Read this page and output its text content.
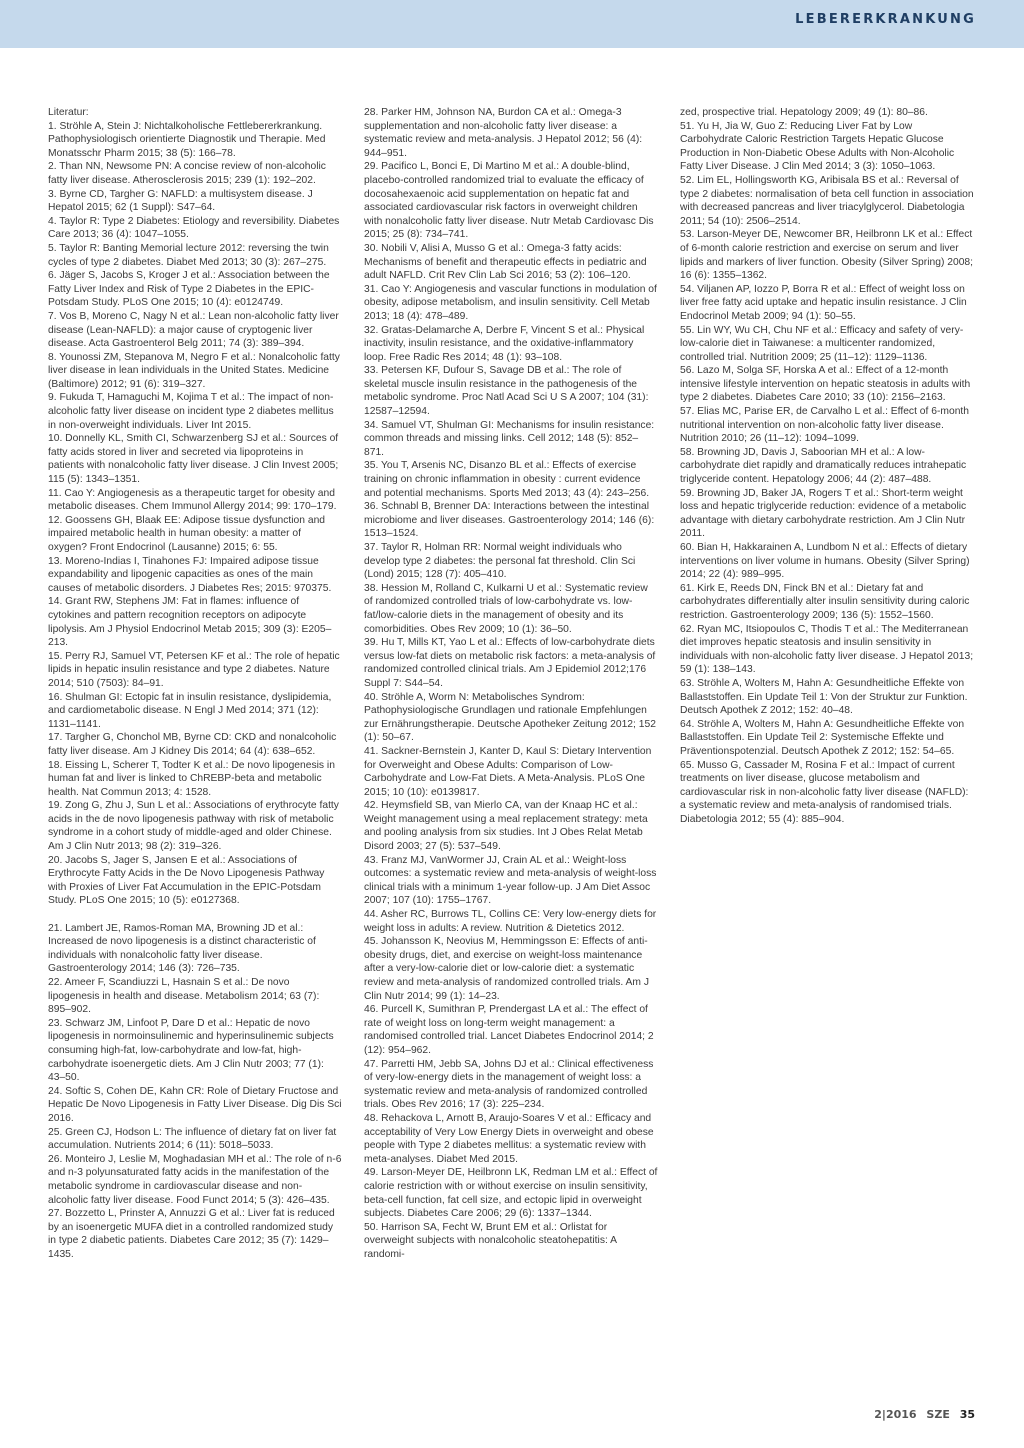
LEBERERKRANKUNG

Literatur:

1. Ströhle A, Stein J: Nichtalkoholische Fettlebererkrankung. Pathophysiologisch orientierte Diagnostik und Therapie. Med Monatsschr Pharm 2015; 38 (5): 166–78.

2. Than NN, Newsome PN: A concise review of non-alcoholic fatty liver disease. Atherosclerosis 2015; 239 (1): 192–202.

3. Byrne CD, Targher G: NAFLD: a multisystem disease. J Hepatol 2015; 62 (1 Suppl): S47–64.

4. Taylor R: Type 2 Diabetes: Etiology and reversibility. Diabetes Care 2013; 36 (4): 1047–1055.

5. Taylor R: Banting Memorial lecture 2012: reversing the twin cycles of type 2 diabetes. Diabet Med 2013; 30 (3): 267–275.

6. Jäger S, Jacobs S, Kroger J et al.: Association between the Fatty Liver Index and Risk of Type 2 Diabetes in the EPIC-Potsdam Study. PLoS One 2015; 10 (4): e0124749.

7. Vos B, Moreno C, Nagy N et al.: Lean non-alcoholic fatty liver disease (Lean-NAFLD): a major cause of cryptogenic liver disease. Acta Gastroenterol Belg 2011; 74 (3): 389–394.

8. Younossi ZM, Stepanova M, Negro F et al.: Nonalcoholic fatty liver disease in lean individuals in the United States. Medicine (Baltimore) 2012; 91 (6): 319–327.

9. Fukuda T, Hamaguchi M, Kojima T et al.: The impact of non-alcoholic fatty liver disease on incident type 2 diabetes mellitus in non-overweight individuals. Liver Int 2015.

10. Donnelly KL, Smith CI, Schwarzenberg SJ et al.: Sources of fatty acids stored in liver and secreted via lipoproteins in patients with nonalcoholic fatty liver disease. J Clin Invest 2005; 115 (5): 1343–1351.

11. Cao Y: Angiogenesis as a therapeutic target for obesity and metabolic diseases. Chem Immunol Allergy 2014; 99: 170–179.

12. Goossens GH, Blaak EE: Adipose tissue dysfunction and impaired metabolic health in human obesity: a matter of oxygen? Front Endocrinol (Lausanne) 2015; 6: 55.

13. Moreno-Indias I, Tinahones FJ: Impaired adipose tissue expandability and lipogenic capacities as ones of the main causes of metabolic disorders. J Diabetes Res; 2015: 970375.

14. Grant RW, Stephens JM: Fat in flames: influence of cytokines and pattern recognition receptors on adipocyte lipolysis. Am J Physiol Endocrinol Metab 2015; 309 (3): E205–213.

15. Perry RJ, Samuel VT, Petersen KF et al.: The role of hepatic lipids in hepatic insulin resistance and type 2 diabetes. Nature 2014; 510 (7503): 84–91.

16. Shulman GI: Ectopic fat in insulin resistance, dyslipidemia, and cardiometabolic disease. N Engl J Med 2014; 371 (12): 1131–1141.

17. Targher G, Chonchol MB, Byrne CD: CKD and nonalcoholic fatty liver disease. Am J Kidney Dis 2014; 64 (4): 638–652.

18. Eissing L, Scherer T, Todter K et al.: De novo lipogenesis in human fat and liver is linked to ChREBP-beta and metabolic health. Nat Commun 2013; 4: 1528.

19. Zong G, Zhu J, Sun L et al.: Associations of erythrocyte fatty acids in the de novo lipogenesis pathway with risk of metabolic syndrome in a cohort study of middle-aged and older Chinese. Am J Clin Nutr 2013; 98 (2): 319–326.

20. Jacobs S, Jager S, Jansen E et al.: Associations of Erythrocyte Fatty Acids in the De Novo Lipogenesis Pathway with Proxies of Liver Fat Accumulation in the EPIC-Potsdam Study. PLoS One 2015; 10 (5): e0127368.

21. Lambert JE, Ramos-Roman MA, Browning JD et al.: Increased de novo lipogenesis is a distinct characteristic of individuals with nonalcoholic fatty liver disease. Gastroenterology 2014; 146 (3): 726–735.

22. Ameer F, Scandiuzzi L, Hasnain S et al.: De novo lipogenesis in health and disease. Metabolism 2014; 63 (7): 895–902.

23. Schwarz JM, Linfoot P, Dare D et al.: Hepatic de novo lipogenesis in normoinsulinemic and hyperinsulinemic subjects consuming high-fat, low-carbohydrate and low-fat, high-carbohydrate isoenergetic diets. Am J Clin Nutr 2003; 77 (1): 43–50.

24. Softic S, Cohen DE, Kahn CR: Role of Dietary Fructose and Hepatic De Novo Lipogenesis in Fatty Liver Disease. Dig Dis Sci 2016.

25. Green CJ, Hodson L: The influence of dietary fat on liver fat accumulation. Nutrients 2014; 6 (11): 5018–5033.

26. Monteiro J, Leslie M, Moghadasian MH et al.: The role of n-6 and n-3 polyunsaturated fatty acids in the manifestation of the metabolic syndrome in cardiovascular disease and non-alcoholic fatty liver disease. Food Funct 2014; 5 (3): 426–435.

27. Bozzetto L, Prinster A, Annuzzi G et al.: Liver fat is reduced by an isoenergetic MUFA diet in a controlled randomized study in type 2 diabetic patients. Diabetes Care 2012; 35 (7): 1429–1435.

28. Parker HM, Johnson NA, Burdon CA et al.: Omega-3 supplementation and non-alcoholic fatty liver disease: a systematic review and meta-analysis. J Hepatol 2012; 56 (4): 944–951.

29. Pacifico L, Bonci E, Di Martino M et al.: A double-blind, placebo-controlled randomized trial to evaluate the efficacy of docosahexaenoic acid supplementation on hepatic fat and associated cardiovascular risk factors in overweight children with nonalcoholic fatty liver disease. Nutr Metab Cardiovasc Dis 2015; 25 (8): 734–741.

30. Nobili V, Alisi A, Musso G et al.: Omega-3 fatty acids: Mechanisms of benefit and therapeutic effects in pediatric and adult NAFLD. Crit Rev Clin Lab Sci 2016; 53 (2): 106–120.

31. Cao Y: Angiogenesis and vascular functions in modulation of obesity, adipose metabolism, and insulin sensitivity. Cell Metab 2013; 18 (4): 478–489.

32. Gratas-Delamarche A, Derbre F, Vincent S et al.: Physical inactivity, insulin resistance, and the oxidative-inflammatory loop. Free Radic Res 2014; 48 (1): 93–108.

33. Petersen KF, Dufour S, Savage DB et al.: The role of skeletal muscle insulin resistance in the pathogenesis of the metabolic syndrome. Proc Natl Acad Sci U S A 2007; 104 (31): 12587–12594.

34. Samuel VT, Shulman GI: Mechanisms for insulin resistance: common threads and missing links. Cell 2012; 148 (5): 852–871.

35. You T, Arsenis NC, Disanzo BL et al.: Effects of exercise training on chronic inflammation in obesity : current evidence and potential mechanisms. Sports Med 2013; 43 (4): 243–256.

36. Schnabl B, Brenner DA: Interactions between the intestinal microbiome and liver diseases. Gastroenterology 2014; 146 (6): 1513–1524.

37. Taylor R, Holman RR: Normal weight individuals who develop type 2 diabetes: the personal fat threshold. Clin Sci (Lond) 2015; 128 (7): 405–410.

38. Hession M, Rolland C, Kulkarni U et al.: Systematic review of randomized controlled trials of low-carbohydrate vs. low-fat/low-calorie diets in the management of obesity and its comorbidities. Obes Rev 2009; 10 (1): 36–50.

39. Hu T, Mills KT, Yao L et al.: Effects of low-carbohydrate diets versus low-fat diets on metabolic risk factors: a meta-analysis of randomized controlled clinical trials. Am J Epidemiol 2012;176 Suppl 7: S44–54.

40. Ströhle A, Worm N: Metabolisches Syndrom: Pathophysiologische Grundlagen und rationale Empfehlungen zur Ernährungstherapie. Deutsche Apotheker Zeitung 2012; 152 (1): 50–67.

41. Sackner-Bernstein J, Kanter D, Kaul S: Dietary Intervention for Overweight and Obese Adults: Comparison of Low-Carbohydrate and Low-Fat Diets. A Meta-Analysis. PLoS One 2015; 10 (10): e0139817.

42. Heymsfield SB, van Mierlo CA, van der Knaap HC et al.: Weight management using a meal replacement strategy: meta and pooling analysis from six studies. Int J Obes Relat Metab Disord 2003; 27 (5): 537–549.

43. Franz MJ, VanWormer JJ, Crain AL et al.: Weight-loss outcomes: a systematic review and meta-analysis of weight-loss clinical trials with a minimum 1-year follow-up. J Am Diet Assoc 2007; 107 (10): 1755–1767.

44. Asher RC, Burrows TL, Collins CE: Very low-energy diets for weight loss in adults: A review. Nutrition & Dietetics 2012.

45. Johansson K, Neovius M, Hemmingsson E: Effects of anti-obesity drugs, diet, and exercise on weight-loss maintenance after a very-low-calorie diet or low-calorie diet: a systematic review and meta-analysis of randomized controlled trials. Am J Clin Nutr 2014; 99 (1): 14–23.

46. Purcell K, Sumithran P, Prendergast LA et al.: The effect of rate of weight loss on long-term weight management: a randomised controlled trial. Lancet Diabetes Endocrinol 2014; 2 (12): 954–962.

47. Parretti HM, Jebb SA, Johns DJ et al.: Clinical effectiveness of very-low-energy diets in the management of weight loss: a systematic review and meta-analysis of randomized controlled trials. Obes Rev 2016; 17 (3): 225–234.

48. Rehackova L, Arnott B, Araujo-Soares V et al.: Efficacy and acceptability of Very Low Energy Diets in overweight and obese people with Type 2 diabetes mellitus: a systematic review with meta-analyses. Diabet Med 2015.

49. Larson-Meyer DE, Heilbronn LK, Redman LM et al.: Effect of calorie restriction with or without exercise on insulin sensitivity, beta-cell function, fat cell size, and ectopic lipid in overweight subjects. Diabetes Care 2006; 29 (6): 1337–1344.

50. Harrison SA, Fecht W, Brunt EM et al.: Orlistat for overweight subjects with nonalcoholic steatohepatitis: A randomi-

zed, prospective trial. Hepatology 2009; 49 (1): 80–86.

51. Yu H, Jia W, Guo Z: Reducing Liver Fat by Low Carbohydrate Caloric Restriction Targets Hepatic Glucose Production in Non-Diabetic Obese Adults with Non-Alcoholic Fatty Liver Disease. J Clin Med 2014; 3 (3): 1050–1063.

52. Lim EL, Hollingsworth KG, Aribisala BS et al.: Reversal of type 2 diabetes: normalisation of beta cell function in association with decreased pancreas and liver triacylglycerol. Diabetologia 2011; 54 (10): 2506–2514.

53. Larson-Meyer DE, Newcomer BR, Heilbronn LK et al.: Effect of 6-month calorie restriction and exercise on serum and liver lipids and markers of liver function. Obesity (Silver Spring) 2008; 16 (6): 1355–1362.

54. Viljanen AP, Iozzo P, Borra R et al.: Effect of weight loss on liver free fatty acid uptake and hepatic insulin resistance. J Clin Endocrinol Metab 2009; 94 (1): 50–55.

55. Lin WY, Wu CH, Chu NF et al.: Efficacy and safety of very-low-calorie diet in Taiwanese: a multicenter randomized, controlled trial. Nutrition 2009; 25 (11–12): 1129–1136.

56. Lazo M, Solga SF, Horska A et al.: Effect of a 12-month intensive lifestyle intervention on hepatic steatosis in adults with type 2 diabetes. Diabetes Care 2010; 33 (10): 2156–2163.

57. Elias MC, Parise ER, de Carvalho L et al.: Effect of 6-month nutritional intervention on non-alcoholic fatty liver disease. Nutrition 2010; 26 (11–12): 1094–1099.

58. Browning JD, Davis J, Saboorian MH et al.: A low-carbohydrate diet rapidly and dramatically reduces intrahepatic triglyceride content. Hepatology 2006; 44 (2): 487–488.

59. Browning JD, Baker JA, Rogers T et al.: Short-term weight loss and hepatic triglyceride reduction: evidence of a metabolic advantage with dietary carbohydrate restriction. Am J Clin Nutr 2011.

60. Bian H, Hakkarainen A, Lundbom N et al.: Effects of dietary interventions on liver volume in humans. Obesity (Silver Spring) 2014; 22 (4): 989–995.

61. Kirk E, Reeds DN, Finck BN et al.: Dietary fat and carbohydrates differentially alter insulin sensitivity during caloric restriction. Gastroenterology 2009; 136 (5): 1552–1560.

62. Ryan MC, Itsiopoulos C, Thodis T et al.: The Mediterranean diet improves hepatic steatosis and insulin sensitivity in individuals with non-alcoholic fatty liver disease. J Hepatol 2013; 59 (1): 138–143.

63. Ströhle A, Wolters M, Hahn A: Gesundheitliche Effekte von Ballaststoffen. Ein Update Teil 1: Von der Struktur zur Funktion. Deutsch Apothek Z 2012; 152: 40–48.

64. Ströhle A, Wolters M, Hahn A: Gesundheitliche Effekte von Ballaststoffen. Ein Update Teil 2: Systemische Effekte und Präventionspotenzial. Deutsch Apothek Z 2012; 152: 54–65.

65. Musso G, Cassader M, Rosina F et al.: Impact of current treatments on liver disease, glucose metabolism and cardiovascular risk in non-alcoholic fatty liver disease (NAFLD): a systematic review and meta-analysis of randomised trials. Diabetologia 2012; 55 (4): 885–904.

2|2016 SZE 35
